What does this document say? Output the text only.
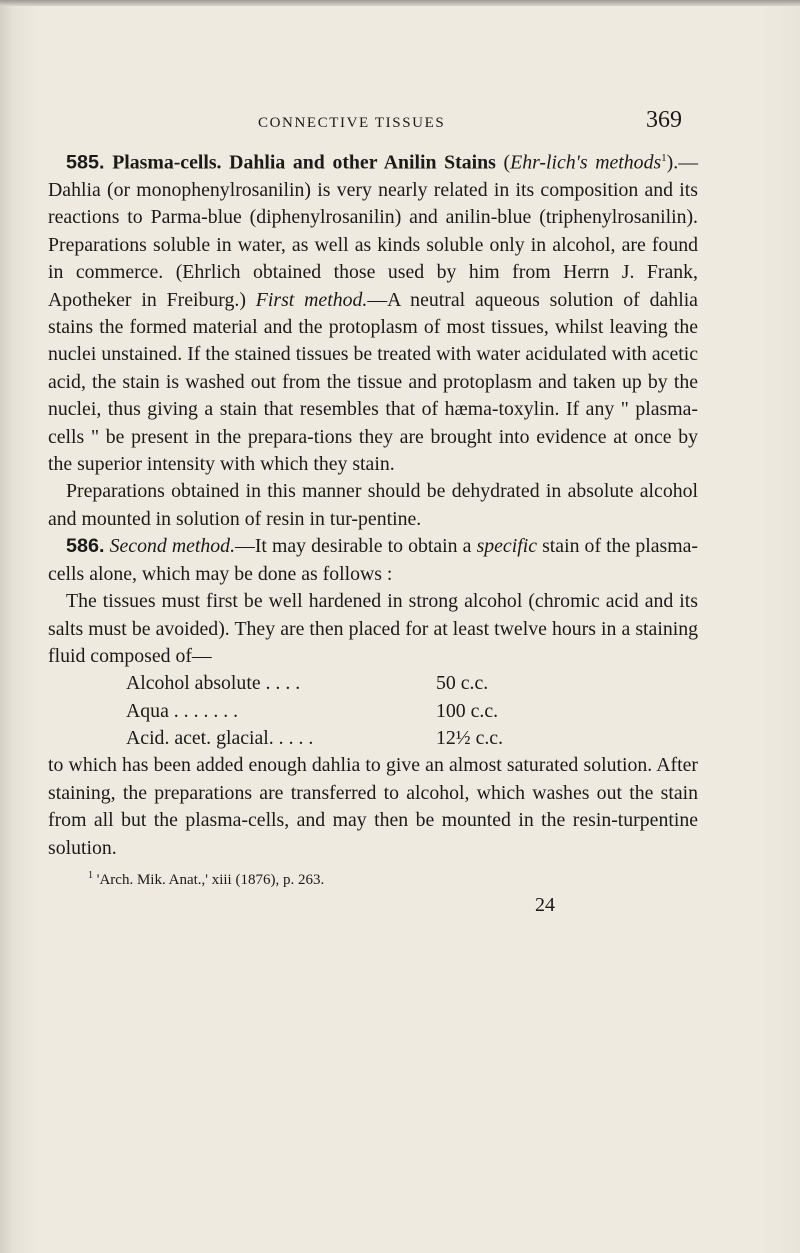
CONNECTIVE TISSUES	369

585. Plasma-cells. Dahlia and other Anilin Stains (Ehr-lich's methods$^1$).—Dahlia (or monophenylrosanilin) is very nearly related in its composition and its reactions to Parma-blue (diphenylrosanilin) and anilin-blue (triphenylrosanilin). Preparations soluble in water, as well as kinds soluble only in alcohol, are found in commerce. (Ehrlich obtained those used by him from Herrn J. Frank, Apotheker in Freiburg.) First method.—A neutral aqueous solution of dahlia stains the formed material and the protoplasm of most tissues, whilst leaving the nuclei unstained. If the stained tissues be treated with water acidulated with acetic acid, the stain is washed out from the tissue and protoplasm and taken up by the nuclei, thus giving a stain that resembles that of hæma-toxylin. If any " plasma-cells " be present in the prepara-tions they are brought into evidence at once by the superior intensity with which they stain.

Preparations obtained in this manner should be dehydrated in absolute alcohol and mounted in solution of resin in tur-pentine.

586. Second method.—It may desirable to obtain a specific stain of the plasma-cells alone, which may be done as follows :

The tissues must first be well hardened in strong alcohol (chromic acid and its salts must be avoided). They are then placed for at least twelve hours in a staining fluid composed of—

Alcohol absolute . . . .	50 c.c.
Aqua . . . . . . .	100 c.c.
Acid. acet. glacial. . . . .	12½ c.c.

to which has been added enough dahlia to give an almost saturated solution. After staining, the preparations are transferred to alcohol, which washes out the stain from all but the plasma-cells, and may then be mounted in the resin-turpentine solution.

$^1$ 'Arch. Mik. Anat.,' xiii (1876), p. 263.
24
